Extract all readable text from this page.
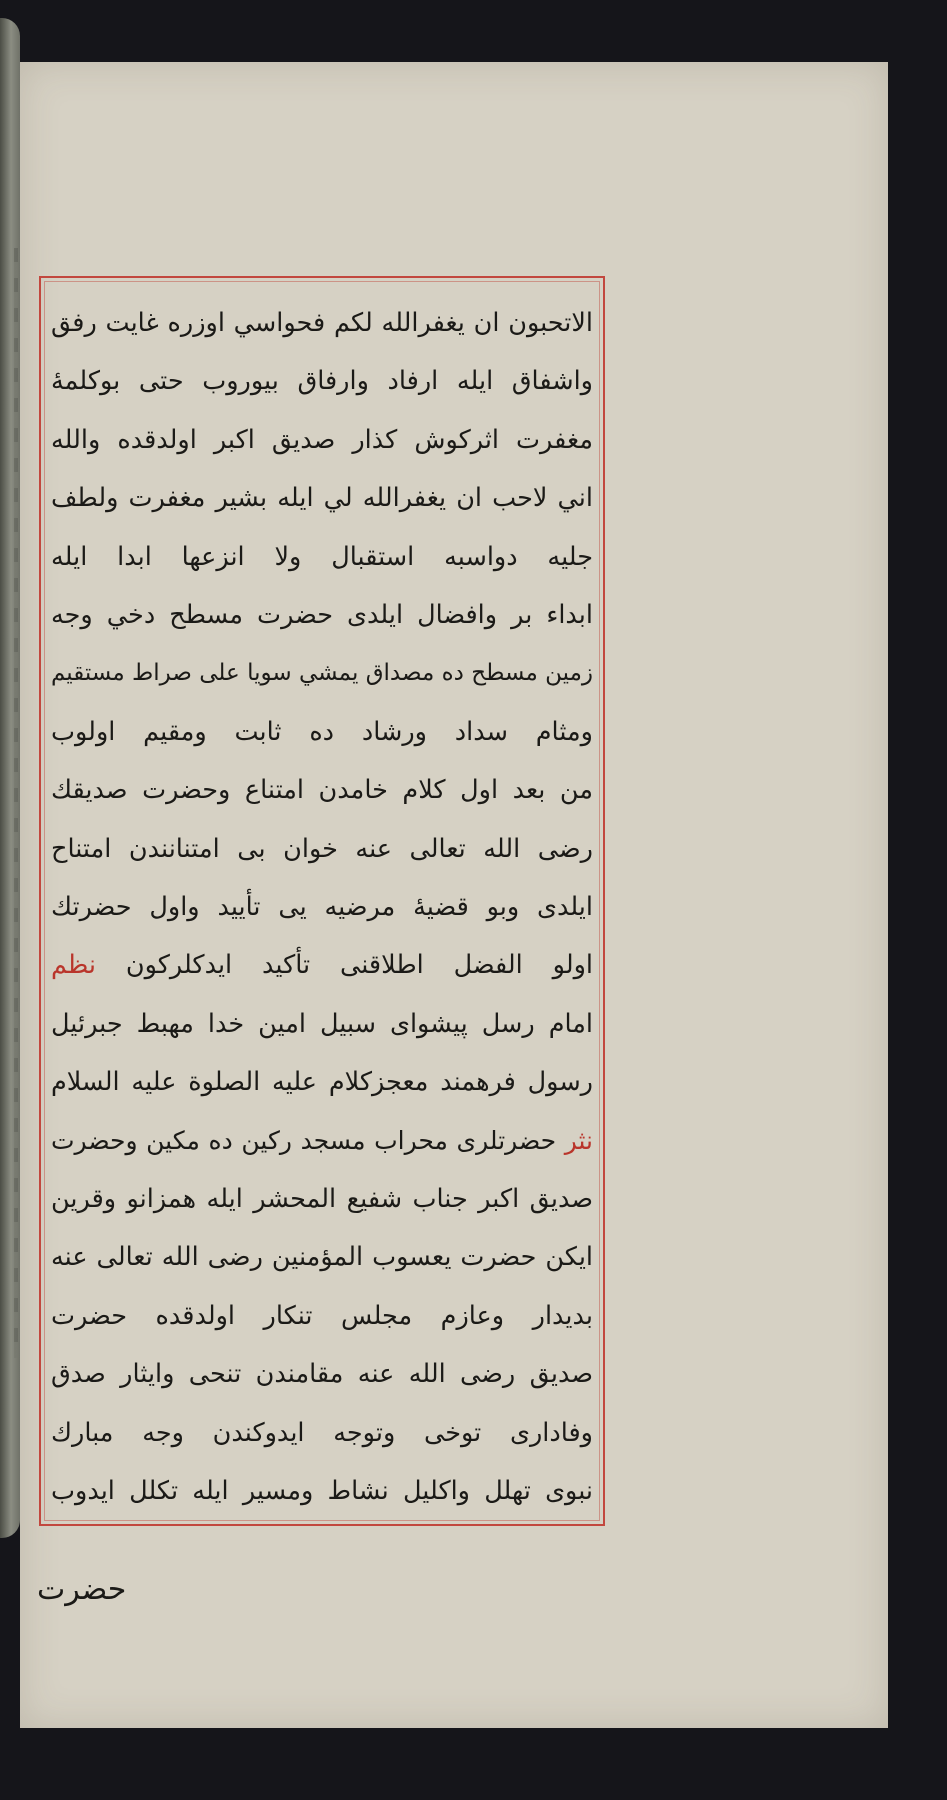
الاتحبون ان يغفرالله لكم فحواسي اوزره غايت رفق
واشفاق ايله ارفاد وارفاق بيوروب حتى بوكلمهٔ
مغفرت اثركوش كذار صديق اكبر اولدقده والله
اني لاحب ان يغفرالله لي ايله بشير مغفرت ولطف
جليه دواسبه استقبال ولا انزعها ابدا ايله
ابداء بر وافضال ايلدى حضرت مسطح دخي وجه
زمين مسطح ده مصداق يمشي سويا على صراط مستقيم
ومثام سداد ورشاد ده ثابت ومقيم اولوب
من بعد اول كلام خامدن امتناع وحضرت صديقك
رضى الله تعالى عنه خوان بى امتنانندن امتناح
ايلدى وبو قضيهٔ مرضيه يى تأييد واول حضرتك
اولو الفضل اطلاقنى تأكيد ايدكلركون نظم
امام رسل پيشواى سبيل امين خدا مهبط جبرئيل
رسول فرهمند معجزكلام عليه الصلوة عليه السلام
نثر حضرتلرى محراب مسجد ركين ده مكين وحضرت
صديق اكبر جناب شفيع المحشر ايله همزانو وقرين
ايكن حضرت يعسوب المؤمنين رضى الله تعالى عنه
بديدار وعازم مجلس تنكار اولدقده حضرت
صديق رضى الله عنه مقامندن تنحى وايثار صدق
وفادارى توخى وتوجه ايدوكندن وجه مبارك
نبوى تهلل واكليل نشاط ومسير ايله تكلل ايدوب
حضرت
